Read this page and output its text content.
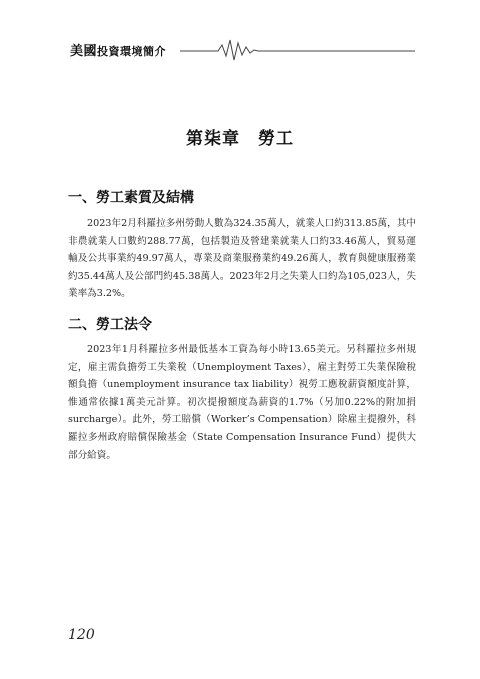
美國投資環境簡介
第柒章　勞工
一、勞工素質及結構
2023年2月科羅拉多州勞動人數為324.35萬人，就業人口約313.85萬，其中非農就業人口數約288.77萬，包括製造及營建業就業人口約33.46萬人，貿易運輸及公共事業約49.97萬人，專業及商業服務業約49.26萬人，教育與健康服務業約35.44萬人及公部門約45.38萬人。2023年2月之失業人口約為105,023人，失業率為3.2%。
二、勞工法令
2023年1月科羅拉多州最低基本工資為每小時13.65美元。另科羅拉多州規定，雇主需負擔勞工失業稅（Unemployment Taxes），雇主對勞工失業保險稅額負擔（unemployment insurance tax liability）視勞工應稅薪資額度計算，惟通常依據1萬美元計算。初次提撥額度為薪資的1.7%（另加0.22%的附加捐surcharge）。此外，勞工賠償（Worker’s Compensation）除雇主提撥外，科羅拉多州政府賠償保險基金（State Compensation Insurance Fund）提供大部分給資。
120
